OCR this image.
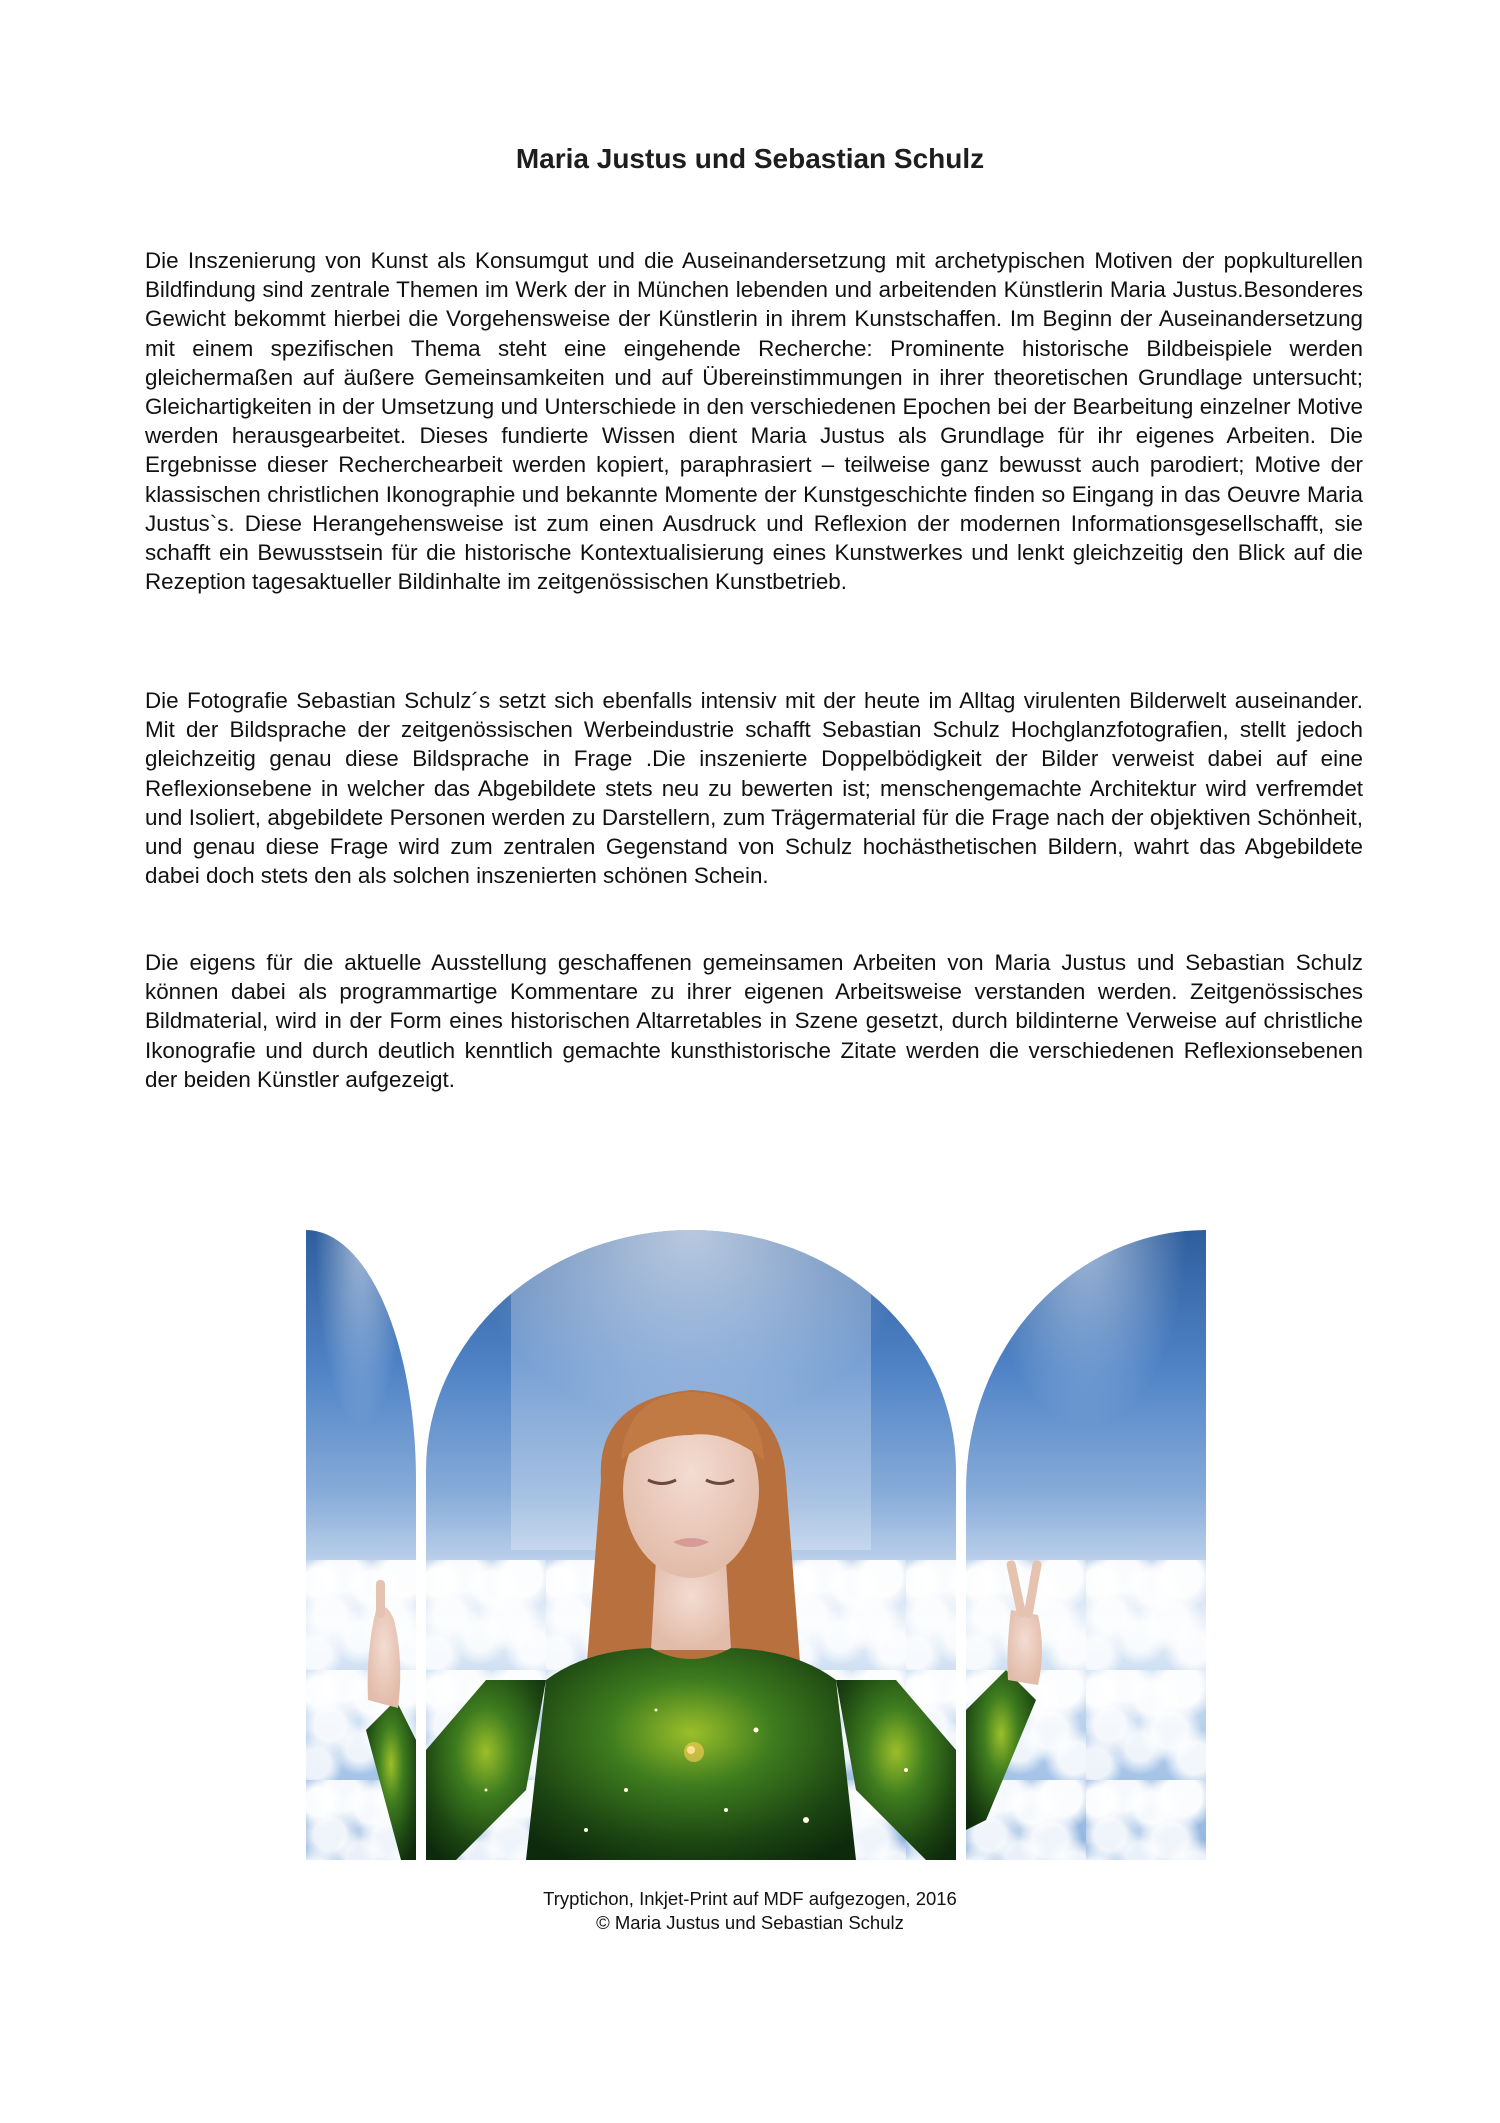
Maria Justus und Sebastian Schulz

Die Inszenierung von Kunst als Konsumgut und die Auseinandersetzung mit archetypischen Motiven der popkulturellen Bildfindung sind zentrale Themen im Werk der in München lebenden und arbeitenden Künstlerin Maria Justus.Besonderes Gewicht bekommt hierbei die Vorgehensweise der Künstlerin in ihrem Kunstschaffen. Im Beginn der Auseinandersetzung mit einem spezifischen Thema steht eine eingehende Recherche: Prominente historische Bildbeispiele werden gleichermaßen auf äußere Gemeinsamkeiten und auf Übereinstimmungen in ihrer theoretischen Grundlage untersucht; Gleichartigkeiten in der Umsetzung und Unterschiede in den verschiedenen Epochen bei der Bearbeitung einzelner Motive werden herausgearbeitet. Dieses fundierte Wissen dient Maria Justus als Grundlage für ihr eigenes Arbeiten. Die Ergebnisse dieser Recherchearbeit werden kopiert, paraphrasiert – teilweise ganz bewusst auch parodiert; Motive der klassischen christlichen Ikonographie und bekannte Momente der Kunstgeschichte finden so Eingang in das Oeuvre Maria Justus`s. Diese Herangehensweise ist zum einen Ausdruck und Reflexion der modernen Informationsgesellschafft, sie schafft ein Bewusstsein für die historische Kontextualisierung eines Kunstwerkes und lenkt gleichzeitig den Blick auf die Rezeption tagesaktueller Bildinhalte im zeitgenössischen Kunstbetrieb.

Die Fotografie Sebastian Schulz´s setzt sich ebenfalls intensiv mit der heute im Alltag virulenten Bilderwelt auseinander. Mit der Bildsprache der zeitgenössischen Werbeindustrie schafft Sebastian Schulz Hochglanzfotografien, stellt jedoch gleichzeitig genau diese Bildsprache in Frage .Die inszenierte Doppelbödigkeit der Bilder verweist dabei auf eine Reflexionsebene in welcher das Abgebildete stets neu zu bewerten ist; menschengemachte Architektur wird verfremdet und Isoliert, abgebildete Personen werden zu Darstellern, zum Trägermaterial für die Frage nach der objektiven Schönheit, und genau diese Frage wird zum zentralen Gegenstand von Schulz hochästhetischen Bildern, wahrt das Abgebildete dabei doch stets den als solchen inszenierten schönen Schein.

Die eigens für die aktuelle Ausstellung geschaffenen gemeinsamen Arbeiten von Maria Justus und Sebastian Schulz können dabei als programmartige Kommentare zu ihrer eigenen Arbeitsweise verstanden werden. Zeitgenössisches Bildmaterial, wird in der Form eines historischen Altarretables in Szene gesetzt, durch bildinterne Verweise auf christliche Ikonografie und durch deutlich kenntlich gemachte kunsthistorische Zitate werden die verschiedenen Reflexionsebenen der beiden Künstler aufgezeigt.

Tryptichon, Inkjet-Print auf MDF aufgezogen, 2016
© Maria Justus und Sebastian Schulz
